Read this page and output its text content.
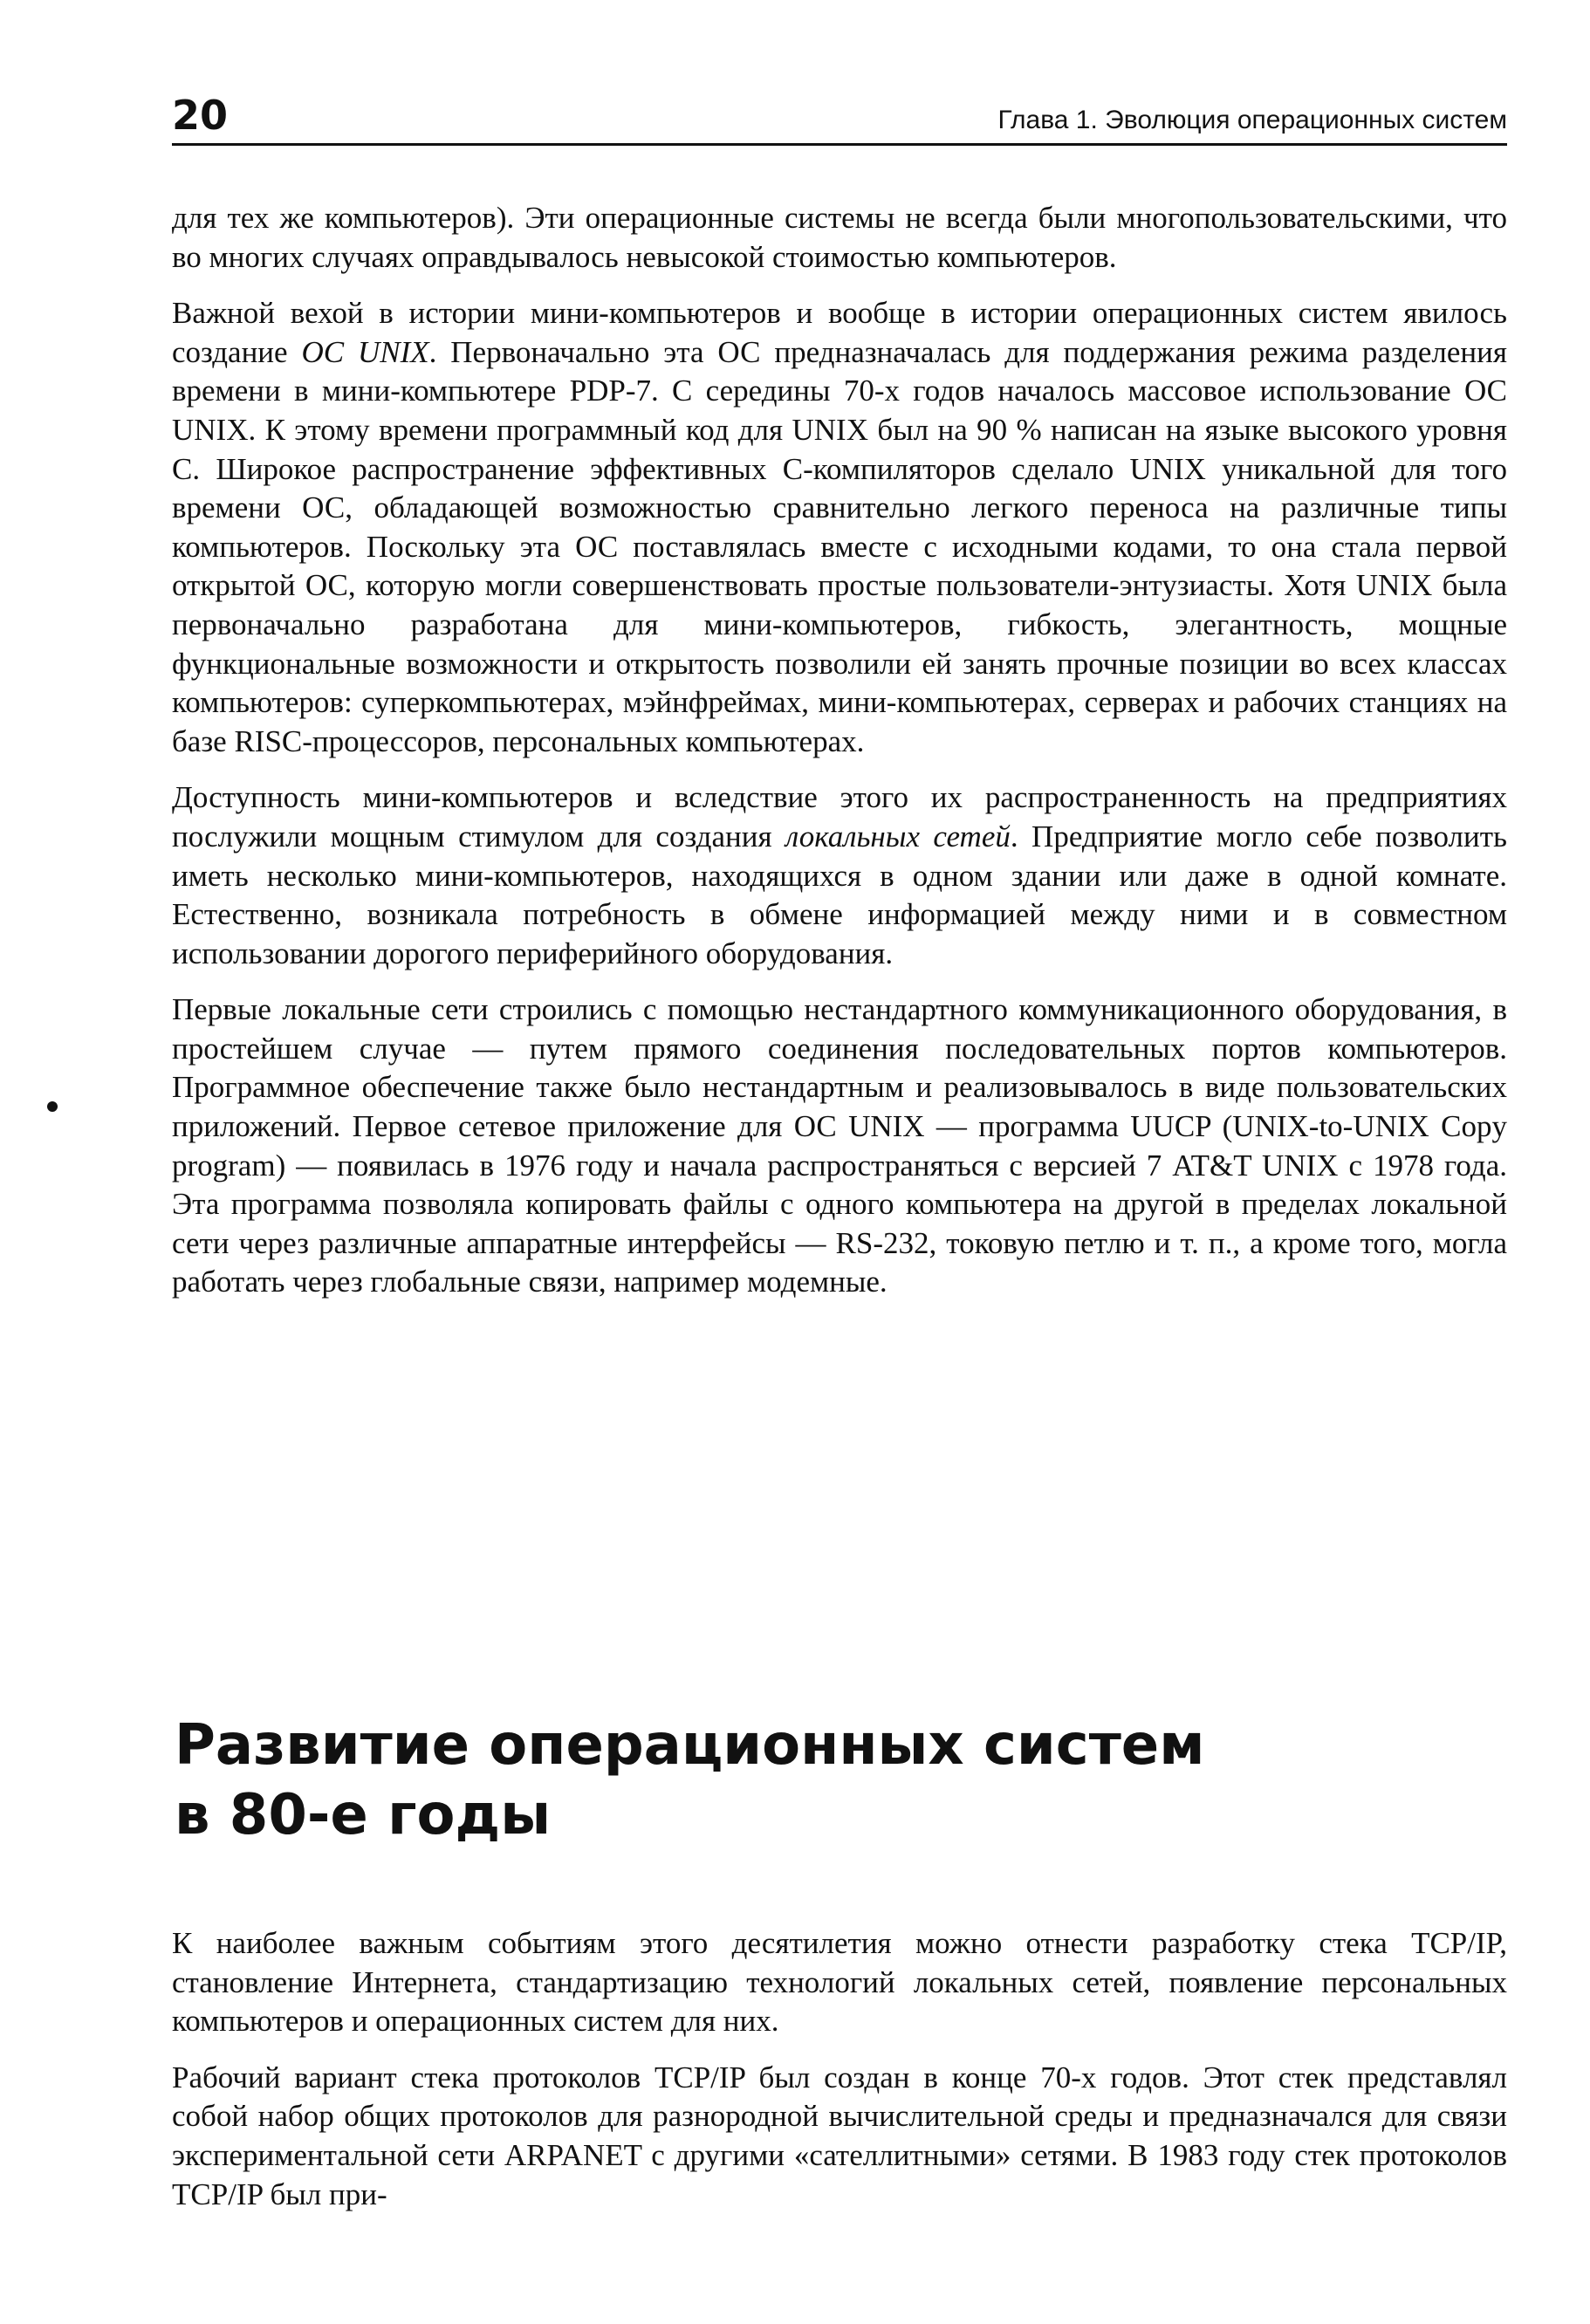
20	Глава 1. Эволюция операционных систем

для тех же компьютеров). Эти операционные системы не всегда были многопользовательскими, что во многих случаях оправдывалось невысокой стоимостью компьютеров.

Важной вехой в истории мини-компьютеров и вообще в истории операционных систем явилось создание ОС UNIX. Первоначально эта ОС предназначалась для поддержания режима разделения времени в мини-компьютере PDP-7. С середины 70-х годов началось массовое использование ОС UNIX. К этому времени программный код для UNIX был на 90 % написан на языке высокого уровня С. Широкое распространение эффективных С-компиляторов сделало UNIX уникальной для того времени ОС, обладающей возможностью сравнительно легкого переноса на различные типы компьютеров. Поскольку эта ОС поставлялась вместе с исходными кодами, то она стала первой открытой ОС, которую могли совершенствовать простые пользователи-энтузиасты. Хотя UNIX была первоначально разработана для мини-компьютеров, гибкость, элегантность, мощные функциональные возможности и открытость позволили ей занять прочные позиции во всех классах компьютеров: суперкомпьютерах, мэйнфреймах, мини-компьютерах, серверах и рабочих станциях на базе RISC-процессоров, персональных компьютерах.

Доступность мини-компьютеров и вследствие этого их распространенность на предприятиях послужили мощным стимулом для создания локальных сетей. Предприятие могло себе позволить иметь несколько мини-компьютеров, находящихся в одном здании или даже в одной комнате. Естественно, возникала потребность в обмене информацией между ними и в совместном использовании дорогого периферийного оборудования.

Первые локальные сети строились с помощью нестандартного коммуникационного оборудования, в простейшем случае — путем прямого соединения последовательных портов компьютеров. Программное обеспечение также было нестандартным и реализовывалось в виде пользовательских приложений. Первое сетевое приложение для ОС UNIX — программа UUCP (UNIX-to-UNIX Copy program) — появилась в 1976 году и начала распространяться с версией 7 AT&T UNIX с 1978 года. Эта программа позволяла копировать файлы с одного компьютера на другой в пределах локальной сети через различные аппаратные интерфейсы — RS-232, токовую петлю и т. п., а кроме того, могла работать через глобальные связи, например модемные.

Развитие операционных систем
в 80-е годы

К наиболее важным событиям этого десятилетия можно отнести разработку стека TCP/IP, становление Интернета, стандартизацию технологий локальных сетей, появление персональных компьютеров и операционных систем для них.

Рабочий вариант стека протоколов TCP/IP был создан в конце 70-х годов. Этот стек представлял собой набор общих протоколов для разнородной вычислительной среды и предназначался для связи экспериментальной сети ARPANET с другими «сателлитными» сетями. В 1983 году стек протоколов TCP/IP был при-
